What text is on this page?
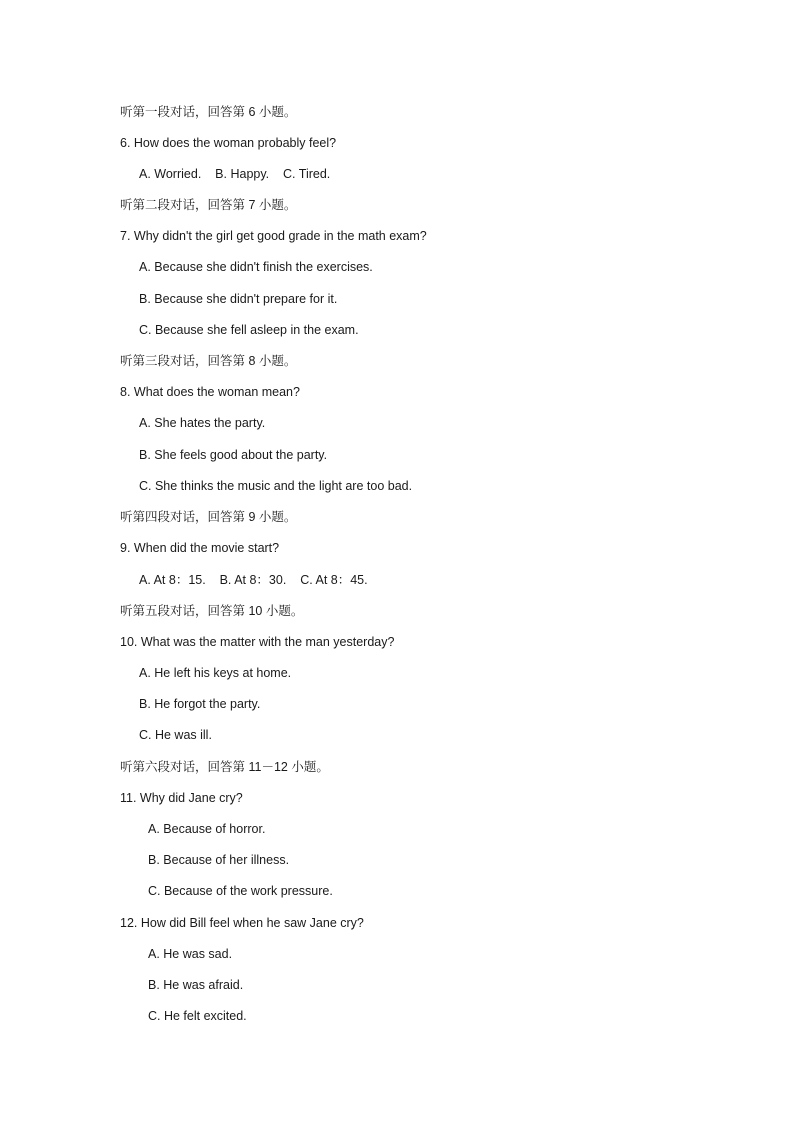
听第一段对话，回答第 6 小题。
6. How does the woman probably feel?
A. Worried.    B. Happy.    C. Tired.
听第二段对话，回答第 7 小题。
7. Why didn't the girl get good grade in the math exam?
A. Because she didn't finish the exercises.
B. Because she didn't prepare for it.
C. Because she fell asleep in the exam.
听第三段对话，回答第 8 小题。
8. What does the woman mean?
A. She hates the party.
B. She feels good about the party.
C. She thinks the music and the light are too bad.
听第四段对话，回答第 9 小题。
9. When did the movie start?
A. At 8：15.    B. At 8：30.    C. At 8：45.
听第五段对话，回答第 10 小题。
10. What was the matter with the man yesterday?
A. He left his keys at home.
B. He forgot the party.
C. He was ill.
听第六段对话，回答第 11－12 小题。
11. Why did Jane cry?
A. Because of horror.
B. Because of her illness.
C. Because of the work pressure.
12. How did Bill feel when he saw Jane cry?
A. He was sad.
B. He was afraid.
C. He felt excited.
